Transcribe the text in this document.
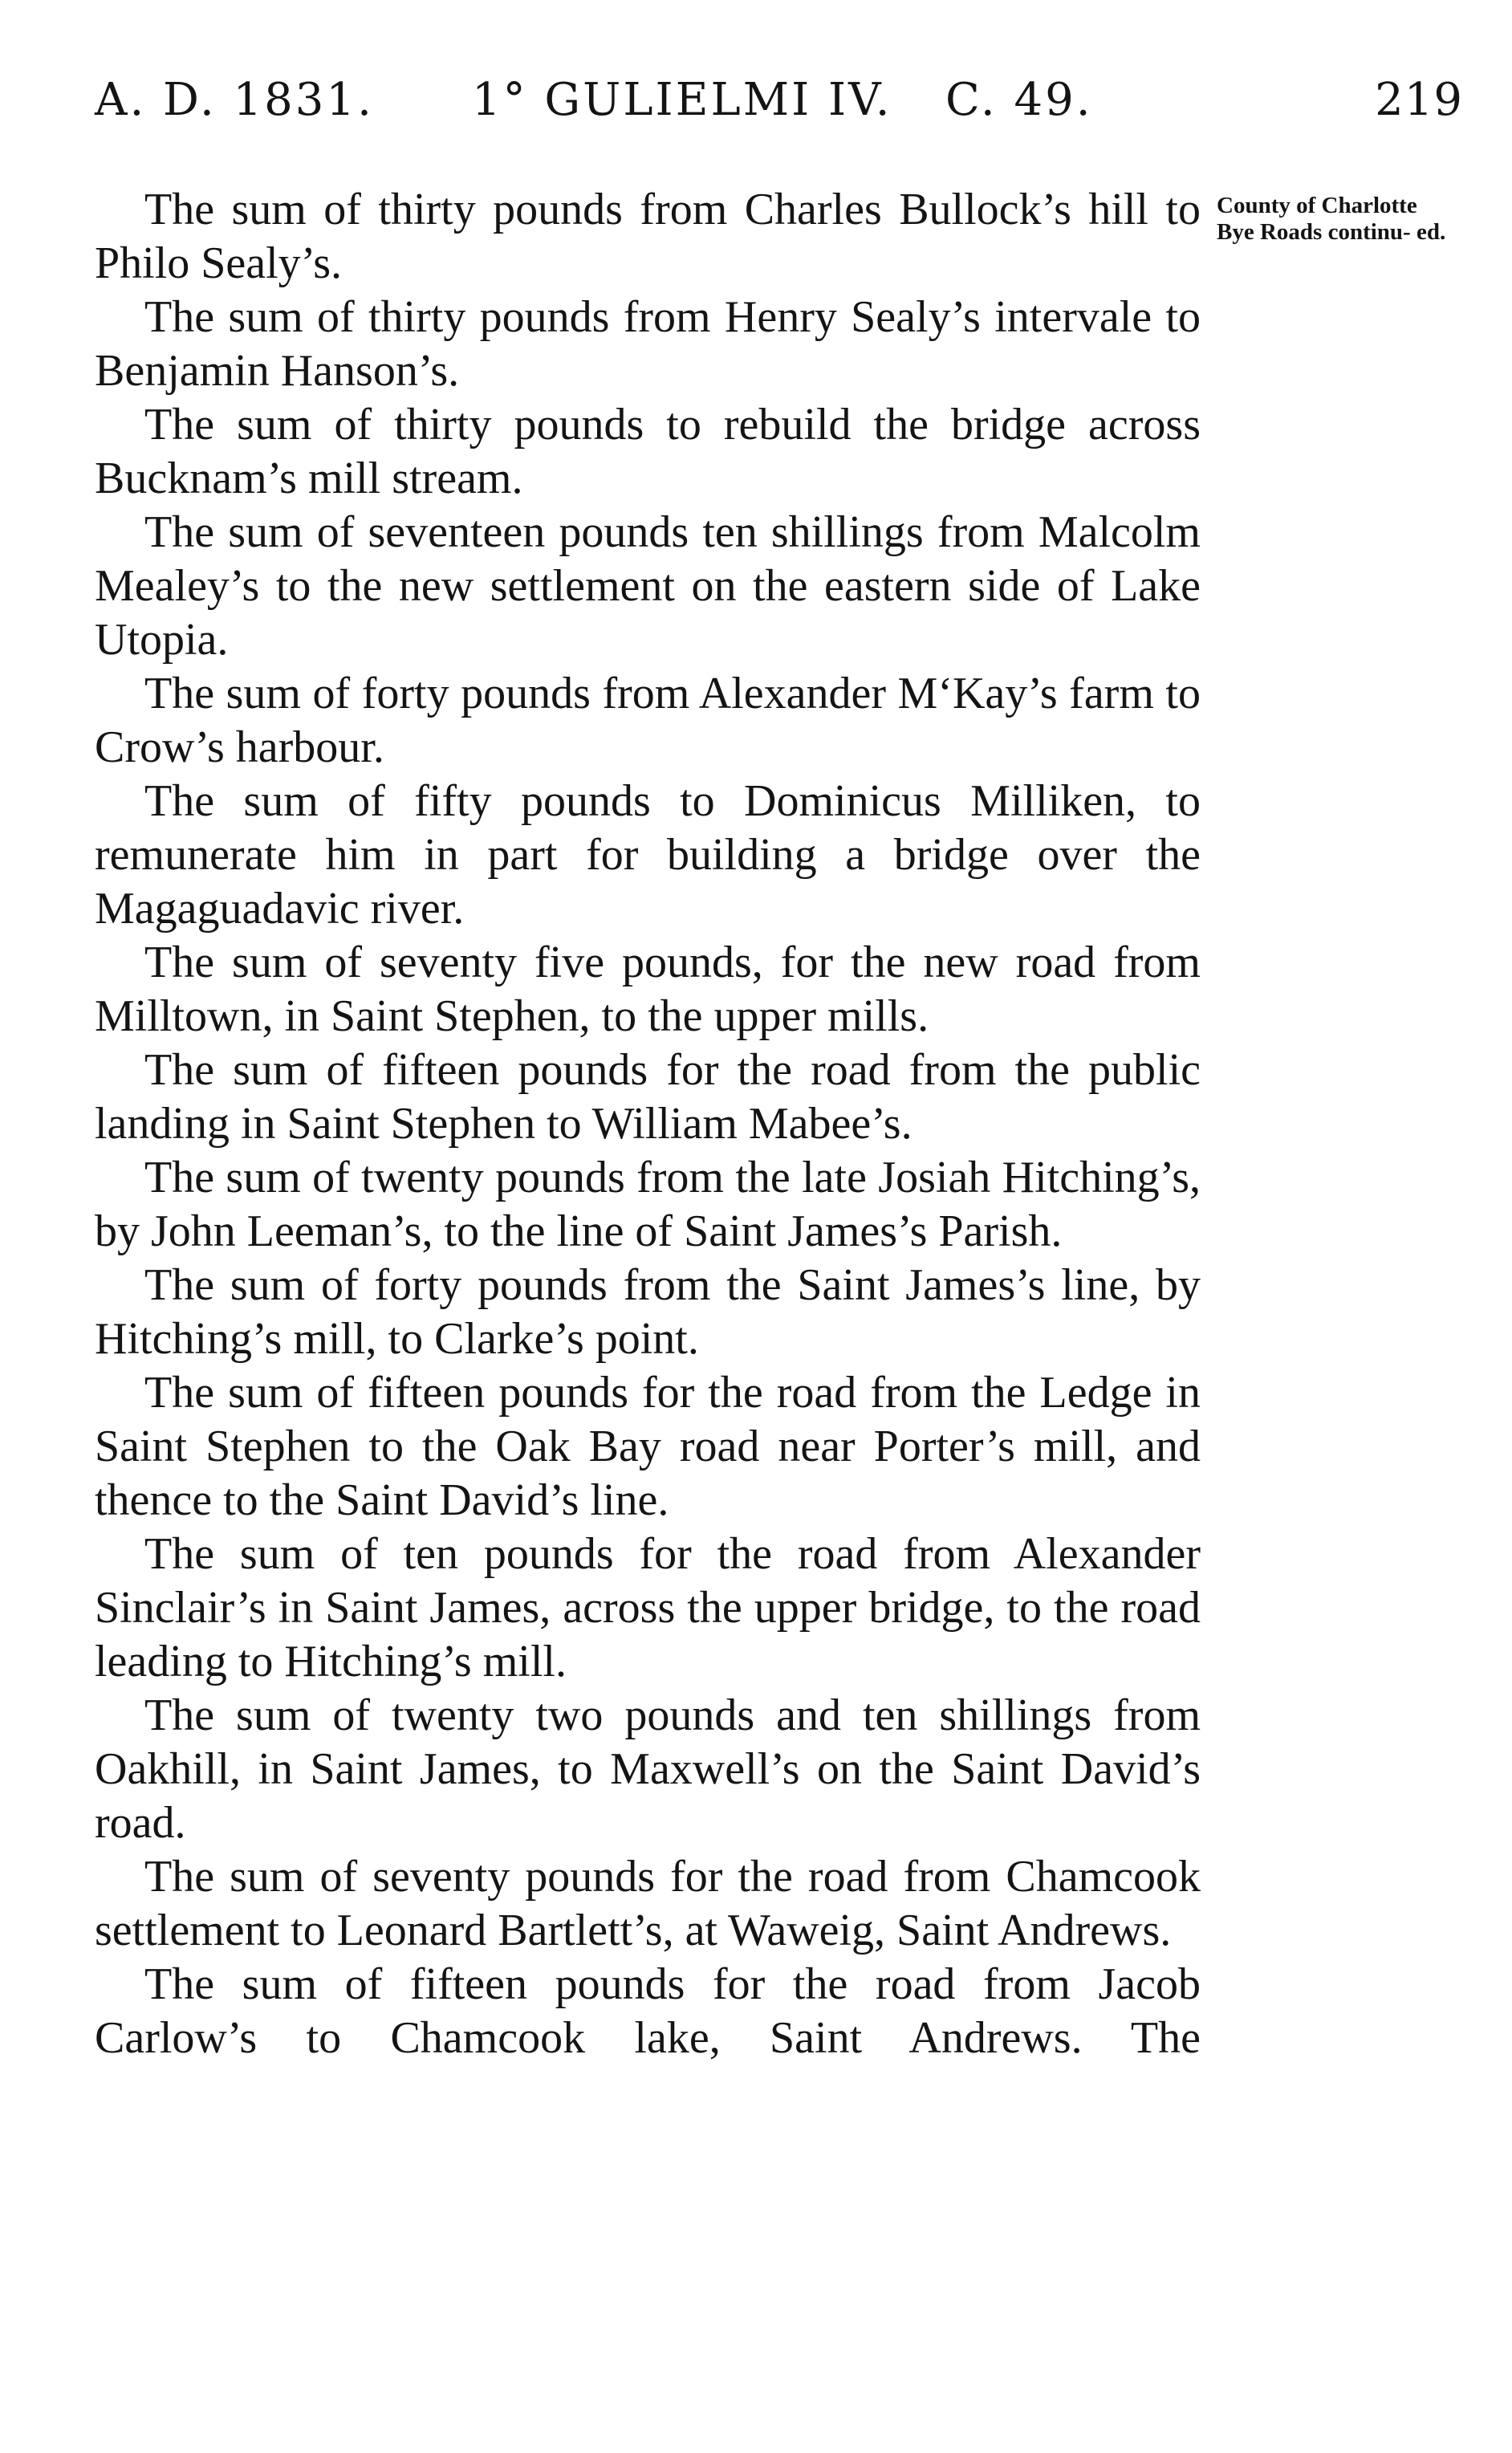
A. D. 1831. 1° GULIELMI IV. C. 49.	219
County of Charlotte Bye Roads continu- ed.

The sum of thirty pounds from Charles Bullock’s hill to Philo Sealy’s.

The sum of thirty pounds from Henry Sealy’s intervale to Benjamin Hanson’s.

The sum of thirty pounds to rebuild the bridge across Bucknam’s mill stream.

The sum of seventeen pounds ten shillings from Malcolm Mealey’s to the new settlement on the eastern side of Lake Utopia.

The sum of forty pounds from Alexander M‘Kay’s farm to Crow’s harbour.

The sum of fifty pounds to Dominicus Milliken, to remunerate him in part for building a bridge over the Magaguadavic river.

The sum of seventy five pounds, for the new road from Milltown, in Saint Stephen, to the upper mills.

The sum of fifteen pounds for the road from the public landing in Saint Stephen to William Mabee’s.

The sum of twenty pounds from the late Josiah Hitching’s, by John Leeman’s, to the line of Saint James’s Parish.

The sum of forty pounds from the Saint James’s line, by Hitching’s mill, to Clarke’s point.

The sum of fifteen pounds for the road from the Ledge in Saint Stephen to the Oak Bay road near Porter’s mill, and thence to the Saint David’s line.

The sum of ten pounds for the road from Alexander Sinclair’s in Saint James, across the upper bridge, to the road leading to Hitching’s mill.

The sum of twenty two pounds and ten shillings from Oakhill, in Saint James, to Maxwell’s on the Saint David’s road.

The sum of seventy pounds for the road from Chamcook settlement to Leonard Bartlett’s, at Waweig, Saint Andrews.

The sum of fifteen pounds for the road from Jacob Carlow’s to Chamcook lake, Saint Andrews. The
